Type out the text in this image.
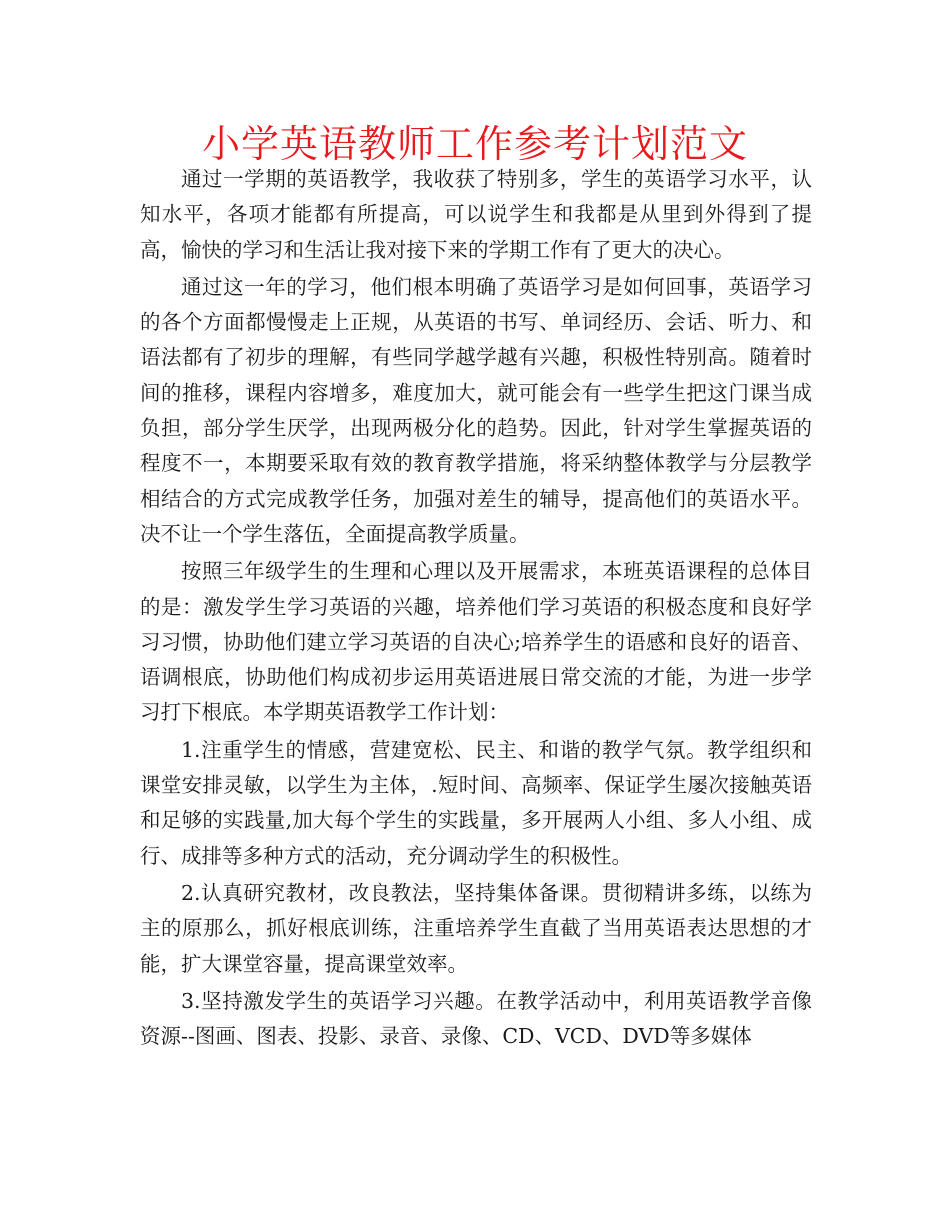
小学英语教师工作参考计划范文

通过一学期的英语教学，我收获了特别多，学生的英语学习水平，认知水平，各项才能都有所提高，可以说学生和我都是从里到外得到了提高，愉快的学习和生活让我对接下来的学期工作有了更大的决心。

通过这一年的学习，他们根本明确了英语学习是如何回事，英语学习的各个方面都慢慢走上正规，从英语的书写、单词经历、会话、听力、和语法都有了初步的理解，有些同学越学越有兴趣，积极性特别高。随着时间的推移，课程内容增多，难度加大，就可能会有一些学生把这门课当成负担，部分学生厌学，出现两极分化的趋势。因此，针对学生掌握英语的程度不一，本期要采取有效的教育教学措施，将采纳整体教学与分层教学相结合的方式完成教学任务，加强对差生的辅导，提高他们的英语水平。决不让一个学生落伍，全面提高教学质量。

按照三年级学生的生理和心理以及开展需求，本班英语课程的总体目的是：激发学生学习英语的兴趣，培养他们学习英语的积极态度和良好学习习惯，协助他们建立学习英语的自决心;培养学生的语感和良好的语音、语调根底，协助他们构成初步运用英语进展日常交流的才能，为进一步学习打下根底。本学期英语教学工作计划：

1.注重学生的情感，营建宽松、民主、和谐的教学气氛。教学组织和课堂安排灵敏，以学生为主体，.短时间、高频率、保证学生屡次接触英语和足够的实践量,加大每个学生的实践量，多开展两人小组、多人小组、成行、成排等多种方式的活动，充分调动学生的积极性。

2.认真研究教材，改良教法，坚持集体备课。贯彻精讲多练，以练为主的原那么，抓好根底训练，注重培养学生直截了当用英语表达思想的才能，扩大课堂容量，提高课堂效率。

3.坚持激发学生的英语学习兴趣。在教学活动中，利用英语教学音像资源--图画、图表、投影、录音、录像、CD、VCD、DVD等多媒体
